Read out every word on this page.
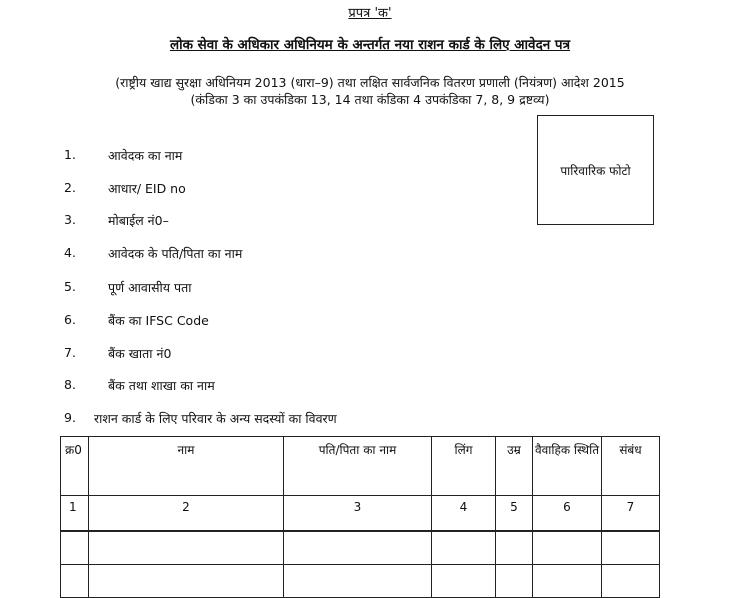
प्रपत्र 'क'
लोक सेवा के अधिकार अधिनियम के अन्तर्गत नया राशन कार्ड के लिए आवेदन पत्र
(राष्ट्रीय खाद्य सुरक्षा अधिनियम 2013 (धारा–9) तथा लक्षित सार्वजनिक वितरण प्रणाली (नियंत्रण) आदेश 2015
(कंडिका 3 का उपकंडिका 13, 14 तथा कंडिका 4 उपकंडिका 7, 8, 9 द्रष्टव्य)
पारिवारिक फोटो
1.	आवेदक का नाम
2.	आधार/ EID no
3.	मोबाईल नं0–
4.	आवेदक के पति/पिता का नाम
5.	पूर्ण आवासीय पता
6.	बैंक का IFSC Code
7.	बैंक खाता नं0
8.	बैंक तथा शाखा का नाम
9.	राशन कार्ड के लिए परिवार के अन्य सदस्यों का विवरण
क्र0	नाम	पति/पिता का नाम	लिंग	उम्र	वैवाहिक स्थिति	संबंध
1	2	3	4	5	6	7
